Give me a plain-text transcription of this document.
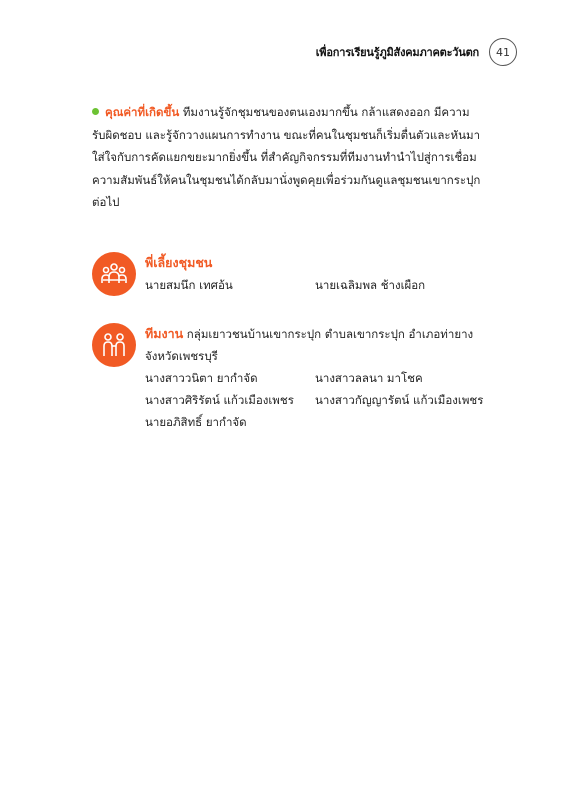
เพื่อการเรียนรู้ภูมิสังคมภาคตะวันตก	41
คุณค่าที่เกิดขึ้น ทีมงานรู้จักชุมชนของตนเองมากขึ้น กล้าแสดงออก มีความ
รับผิดชอบ และรู้จักวางแผนการทำงาน ขณะที่คนในชุมชนก็เริ่มตื่นตัวและหันมา
ใส่ใจกับการคัดแยกขยะมากยิ่งขึ้น ที่สำคัญกิจกรรมที่ทีมงานทำนำไปสู่การเชื่อม
ความสัมพันธ์ให้คนในชุมชนได้กลับมานั่งพูดคุยเพื่อร่วมกันดูแลชุมชนเขากระปุก
ต่อไป
พี่เลี้ยงชุมชน
นายสมนึก เทศอ้น	นายเฉลิมพล ช้างเผือก
ทีมงาน กลุ่มเยาวชนบ้านเขากระปุก ตำบลเขากระปุก อำเภอท่ายาง
จังหวัดเพชรบุรี
นางสาววนิตา ยากำจัด	นางสาวลลนา มาโชค
นางสาวศิริรัตน์ แก้วเมืองเพชร	นางสาวกัญญารัตน์ แก้วเมืองเพชร
นายอภิสิทธิ์ ยากำจัด
